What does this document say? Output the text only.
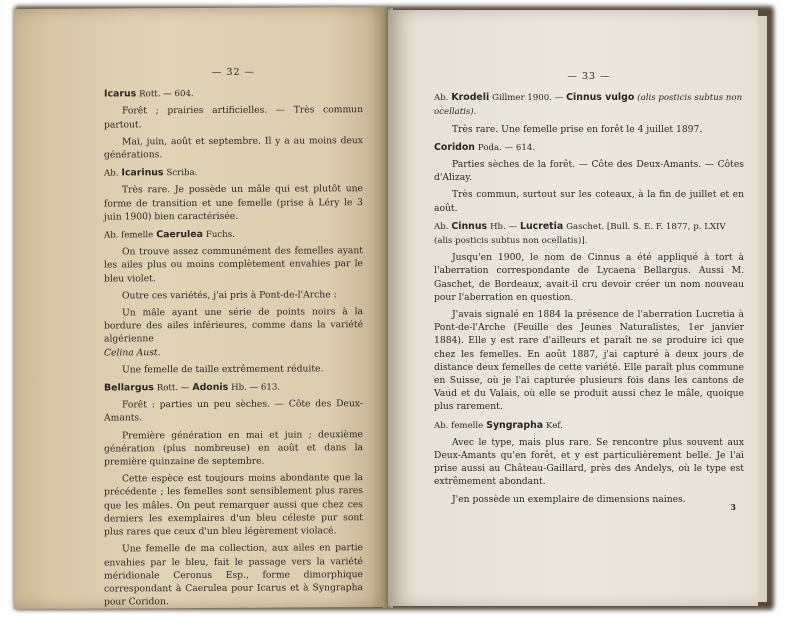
— 32 —
Icarus Rott. — 604.
Forêt ; prairies artificielles. — Très commun partout.
Mai, juin, août et septembre. Il y a au moins deux générations.
Ab. Icarinus Scriba.
Très rare. Je possède un mâle qui est plutôt une forme de transition et une femelle (prise à Léry le 3 juin 1900) bien caractérisée.
Ab. femelle Caerulea Fuchs.
On trouve assez communément des femelles ayant les ailes plus ou moins complètement envahies par le bleu violet.
Outre ces variétés, j'ai pris à Pont-de-l'Arche :
Un mâle ayant une série de points noirs à la bordure des ailes inférieures, comme dans la variété algérienne
Celina Aust.
Une femelle de taille extrêmement réduite.
Bellargus Rott. — Adonis Hb. — 613.
Forêt : parties un peu sèches. — Côte des Deux-Amants.
Première génération en mai et juin ; deuxième génération (plus nombreuse) en août et dans la première quinzaine de septembre.
Cette espèce est toujours moins abondante que la précédente ; les femelles sont sensiblement plus rares que les mâles. On peut remarquer aussi que chez ces derniers les exemplaires d'un bleu céleste pur sont plus rares que ceux d'un bleu légèrement violacé.
Une femelle de ma collection, aux ailes en partie envahies par le bleu, fait le passage vers la variété méridionale Ceronus Esp., forme dimorphique correspondant à Caerulea pour Icarus et à Syngrapha pour Coridon.
— 33 —
Ab. Krodeli Gillmer 1900. — Cinnus vulgo (alis posticis subtus non ocellatis).
Très rare. Une femelle prise en forêt le 4 juillet 1897.
Coridon Poda. — 614.
Parties sèches de la forêt. — Côte des Deux-Amants. — Côtes d'Alizay.
Très commun, surtout sur les coteaux, à la fin de juillet et en août.
Ab. Cinnus Hb. — Lucretia Gaschet. [Bull. S. E. F. 1877, p. LXIV (alis posticis subtus non ocellatis)].
Jusqu'en 1900, le nom de Cinnus a été appliqué à tort à l'aberration correspondante de Lycaena Bellargus. Aussi M. Gaschet, de Bordeaux, avait-il cru devoir créer un nom nouveau pour l'aberration en question.
J'avais signalé en 1884 la présence de l'aberration Lucretia à Pont-de-l'Arche (Feuille des Jeunes Naturalistes, 1er janvier 1884). Elle y est rare d'ailleurs et paraît ne se produire ici que chez les femelles. En août 1887, j'ai capturé à deux jours de distance deux femelles de cette variété. Elle paraît plus commune en Suisse, où je l'ai capturée plusieurs fois dans les cantons de Vaud et du Valais, où elle se produit aussi chez le mâle, quoique plus rarement.
Ab. femelle Syngrapha Kef.
Avec le type, mais plus rare. Se rencontre plus souvent aux Deux-Amants qu'en forêt, et y est particulièrement belle. Je l'ai prise aussi au Château-Gaillard, près des Andelys, où le type est extrêmement abondant.
J'en possède un exemplaire de dimensions naines.
3
